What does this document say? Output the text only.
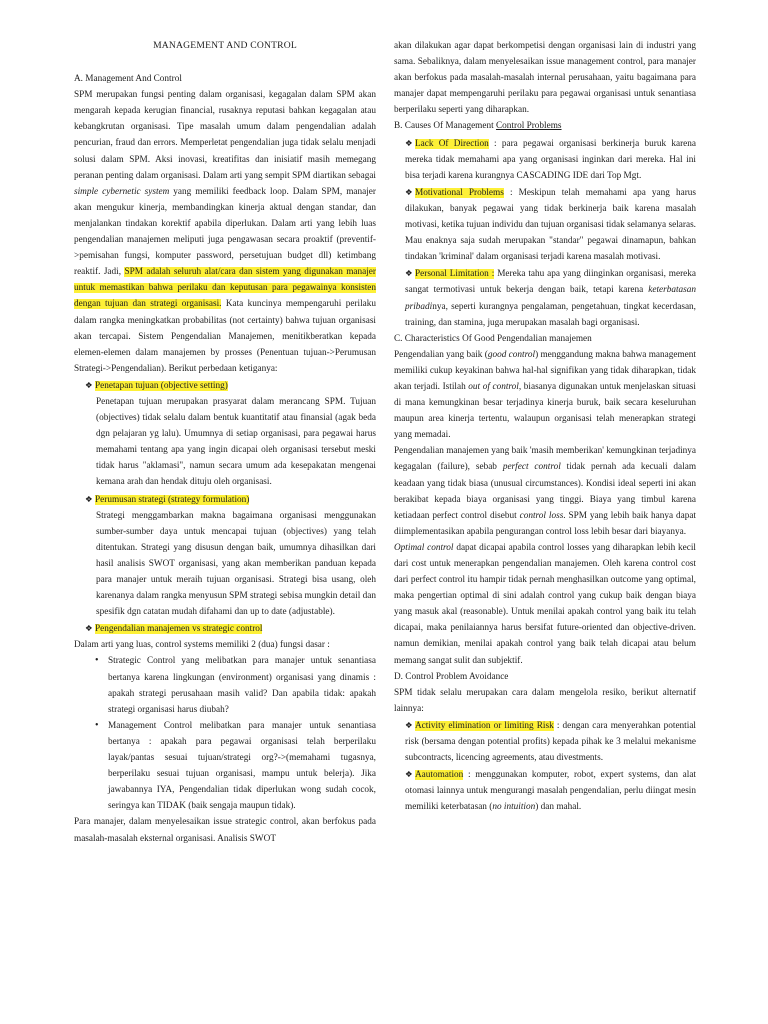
MANAGEMENT AND CONTROL

A. Management And Control

SPM merupakan fungsi penting dalam organisasi, kegagalan dalam SPM akan mengarah kepada kerugian financial, rusaknya reputasi bahkan kegagalan atau kebangkrutan organisasi. Tipe masalah umum dalam pengendalian adalah pencurian, fraud dan errors. Memperletat pengendalian juga tidak selalu menjadi solusi dalam SPM. Aksi inovasi, kreatifitas dan inisiatif masih memegang peranan penting dalam organisasi. Dalam arti yang sempit SPM diartikan sebagai simple cybernetic system yang memiliki feedback loop. Dalam SPM, manajer akan mengukur kinerja, membandingkan kinerja aktual dengan standar, dan menjalankan tindakan korektif apabila diperlukan. Dalam arti yang lebih luas pengendalian manajemen meliputi juga pengawasan secara proaktif (preventif->pemisahan fungsi, komputer password, persetujuan budget dll) ketimbang reaktif. Jadi, SPM adalah seluruh alat/cara dan sistem yang digunakan manajer untuk memastikan bahwa perilaku dan keputusan para pegawainya konsisten dengan tujuan dan strategi organisasi. Kata kuncinya mempengaruhi perilaku dalam rangka meningkatkan probabilitas (not certainty) bahwa tujuan organisasi akan tercapai. Sistem Pengendalian Manajemen, menitikberatkan kepada elemen-elemen dalam manajemen by prosses (Penentuan tujuan->Perumusan Strategi->Pengendalian). Berikut perbedaan ketiganya:

❖ Penetapan tujuan (objective setting)

Penetapan tujuan merupakan prasyarat dalam merancang SPM. Tujuan (objectives) tidak selalu dalam bentuk kuantitatif atau finansial (agak beda dgn pelajaran yg lalu). Umumnya di setiap organisasi, para pegawai harus memahami tentang apa yang ingin dicapai oleh organisasi tersebut meski tidak harus "aklamasi", namun secara umum ada kesepakatan mengenai kemana arah dan hendak dituju oleh organisasi.

❖ Perumusan strategi (strategy formulation)

Strategi menggambarkan makna bagaimana organisasi menggunakan sumber-sumber daya untuk mencapai tujuan (objectives) yang telah ditentukan. Strategi yang disusun dengan baik, umumnya dihasilkan dari hasil analisis SWOT organisasi, yang akan memberikan panduan kepada para manajer untuk meraih tujuan organisasi. Strategi bisa usang, oleh karenanya dalam rangka menyusun SPM strategi sebisa mungkin detail dan spesifik dgn catatan mudah difahami dan up to date (adjustable).

❖ Pengendalian manajemen vs strategic control

Dalam arti yang luas, control systems memiliki 2 (dua) fungsi dasar :

• Strategic Control yang melibatkan para manajer untuk senantiasa bertanya karena lingkungan (environment) organisasi yang dinamis : apakah strategi perusahaan masih valid? Dan apabila tidak: apakah strategi organisasi harus diubah?
• Management Control melibatkan para manajer untuk senantiasa bertanya : apakah para pegawai organisasi telah berperilaku layak/pantas sesuai tujuan/strategi org?->(memahami tugasnya, berperilaku sesuai tujuan organisasi, mampu untuk belerja). Jika jawabannya IYA, Pengendalian tidak diperlukan wong sudah cocok, seringya kan TIDAK (baik sengaja maupun tidak).

Para manajer, dalam menyelesaikan issue strategic control, akan berfokus pada masalah-masalah eksternal organisasi. Analisis SWOT

akan dilakukan agar dapat berkompetisi dengan organisasi lain di industri yang sama. Sebaliknya, dalam menyelesaikan issue management control, para manajer akan berfokus pada masalah-masalah internal perusahaan, yaitu bagaimana para manajer dapat mempengaruhi perilaku para pegawai organisasi untuk senantiasa berperilaku seperti yang diharapkan.

B. Causes Of Management Control Problems

❖ Lack Of Direction : para pegawai organisasi berkinerja buruk karena mereka tidak memahami apa yang organisasi inginkan dari mereka. Hal ini bisa terjadi karena kurangnya CASCADING IDE dari Top Mgt.

❖ Motivational Problems : Meskipun telah memahami apa yang harus dilakukan, banyak pegawai yang tidak berkinerja baik karena masalah motivasi, ketika tujuan individu dan tujuan organisasi tidak selamanya selaras. Mau enaknya saja sudah merupakan "standar" pegawai dinamapun, bahkan tindakan 'kriminal' dalam organisasi terjadi karena masalah motivasi.

❖ Personal Limitation : Mereka tahu apa yang diinginkan organisasi, mereka sangat termotivasi untuk bekerja dengan baik, tetapi karena keterbatasan pribadinya, seperti kurangnya pengalaman, pengetahuan, tingkat kecerdasan, training, dan stamina, juga merupakan masalah bagi organisasi.

C. Characteristics Of Good Pengendalian manajemen

Pengendalian yang baik (good control) menggandung makna bahwa management memiliki cukup keyakinan bahwa hal-hal signifikan yang tidak diharapkan, tidak akan terjadi. Istilah out of control, biasanya digunakan untuk menjelaskan situasi di mana kemungkinan besar terjadinya kinerja buruk, baik secara keseluruhan maupun area kinerja tertentu, walaupun organisasi telah menerapkan strategi yang memadai.

Pengendalian manajemen yang baik 'masih memberikan' kemungkinan terjadinya kegagalan (failure), sebab perfect control tidak pernah ada kecuali dalam keadaan yang tidak biasa (unusual circumstances). Kondisi ideal seperti ini akan berakibat kepada biaya organisasi yang tinggi. Biaya yang timbul karena ketiadaan perfect control disebut control loss. SPM yang lebih baik hanya dapat diimplementasikan apabila pengurangan control loss lebih besar dari biayanya.

Optimal control dapat dicapai apabila control losses yang diharapkan lebih kecil dari cost untuk menerapkan pengendalian manajemen. Oleh karena control cost dari perfect control itu hampir tidak pernah menghasilkan outcome yang optimal, maka pengertian optimal di sini adalah control yang cukup baik dengan biaya yang masuk akal (reasonable). Untuk menilai apakah control yang baik itu telah dicapai, maka penilaiannya harus bersifat future-oriented dan objective-driven. namun demikian, menilai apakah control yang baik telah dicapai atau belum memang sangat sulit dan subjektif.

D. Control Problem Avoidance

SPM tidak selalu merupakan cara dalam mengelola resiko, berikut alternatif lainnya:

❖ Activity elimination or limiting Risk : dengan cara menyerahkan potential risk (bersama dengan potential profits) kepada pihak ke 3 melalui mekanisme subcontracts, licencing agreements, atau divestments.

❖ Aautomation : menggunakan komputer, robot, expert systems, dan alat otomasi lainnya untuk mengurangi masalah pengendalian, perlu diingat mesin memiliki keterbatasan (no intuition) dan mahal.
